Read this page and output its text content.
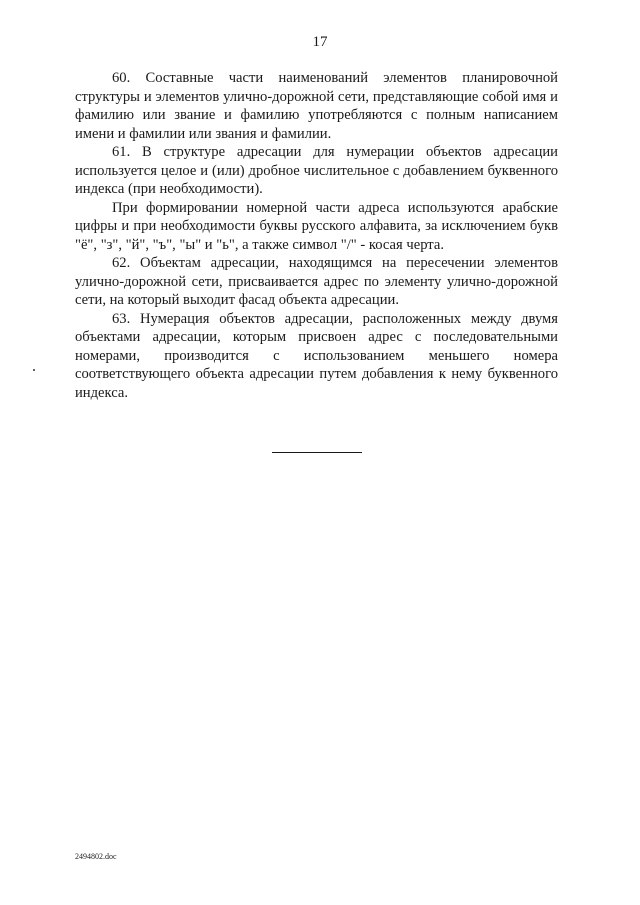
17

60. Составные части наименований элементов планировочной структуры и элементов улично-дорожной сети, представляющие собой имя и фамилию или звание и фамилию употребляются с полным написанием имени и фамилии или звания и фамилии.

61. В структуре адресации для нумерации объектов адресации используется целое и (или) дробное числительное с добавлением буквенного индекса (при необходимости).

При формировании номерной части адреса используются арабские цифры и при необходимости буквы русского алфавита, за исключением букв "ё", "з", "й", "ъ", "ы" и "ь", а также символ "/" - косая черта.

62. Объектам адресации, находящимся на пересечении элементов улично-дорожной сети, присваивается адрес по элементу улично-дорожной сети, на который выходит фасад объекта адресации.

63. Нумерация объектов адресации, расположенных между двумя объектами адресации, которым присвоен адрес с последовательными номерами, производится с использованием меньшего номера соответствующего объекта адресации путем добавления к нему буквенного индекса.

2494802.doc
